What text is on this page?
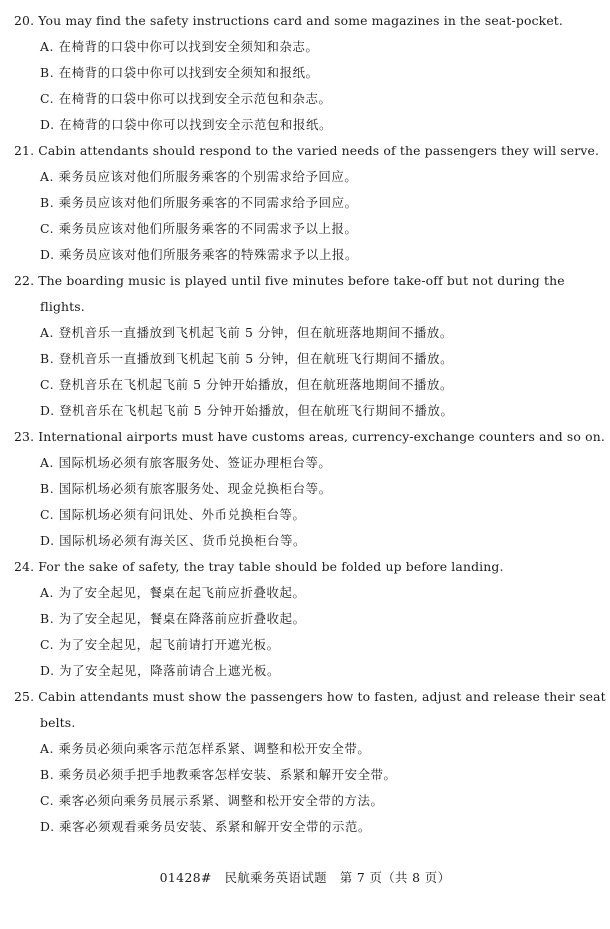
20. You may find the safety instructions card and some magazines in the seat-pocket.
A. 在椅背的口袋中你可以找到安全须知和杂志。
B. 在椅背的口袋中你可以找到安全须知和报纸。
C. 在椅背的口袋中你可以找到安全示范包和杂志。
D. 在椅背的口袋中你可以找到安全示范包和报纸。
21. Cabin attendants should respond to the varied needs of the passengers they will serve.
A. 乘务员应该对他们所服务乘客的个别需求给予回应。
B. 乘务员应该对他们所服务乘客的不同需求给予回应。
C. 乘务员应该对他们所服务乘客的不同需求予以上报。
D. 乘务员应该对他们所服务乘客的特殊需求予以上报。
22. The boarding music is played until five minutes before take-off but not during the
flights.
A. 登机音乐一直播放到飞机起飞前 5 分钟，但在航班落地期间不播放。
B. 登机音乐一直播放到飞机起飞前 5 分钟，但在航班飞行期间不播放。
C. 登机音乐在飞机起飞前 5 分钟开始播放，但在航班落地期间不播放。
D. 登机音乐在飞机起飞前 5 分钟开始播放，但在航班飞行期间不播放。
23. International airports must have customs areas, currency-exchange counters and so on.
A. 国际机场必须有旅客服务处、签证办理柜台等。
B. 国际机场必须有旅客服务处、现金兑换柜台等。
C. 国际机场必须有问讯处、外币兑换柜台等。
D. 国际机场必须有海关区、货币兑换柜台等。
24. For the sake of safety, the tray table should be folded up before landing.
A. 为了安全起见，餐桌在起飞前应折叠收起。
B. 为了安全起见，餐桌在降落前应折叠收起。
C. 为了安全起见，起飞前请打开遮光板。
D. 为了安全起见，降落前请合上遮光板。
25. Cabin attendants must show the passengers how to fasten, adjust and release their seat
belts.
A. 乘务员必须向乘客示范怎样系紧、调整和松开安全带。
B. 乘务员必须手把手地教乘客怎样安装、系紧和解开安全带。
C. 乘客必须向乘务员展示系紧、调整和松开安全带的方法。
D. 乘客必须观看乘务员安装、系紧和解开安全带的示范。
01428#　民航乘务英语试题　第 7 页（共 8 页）
